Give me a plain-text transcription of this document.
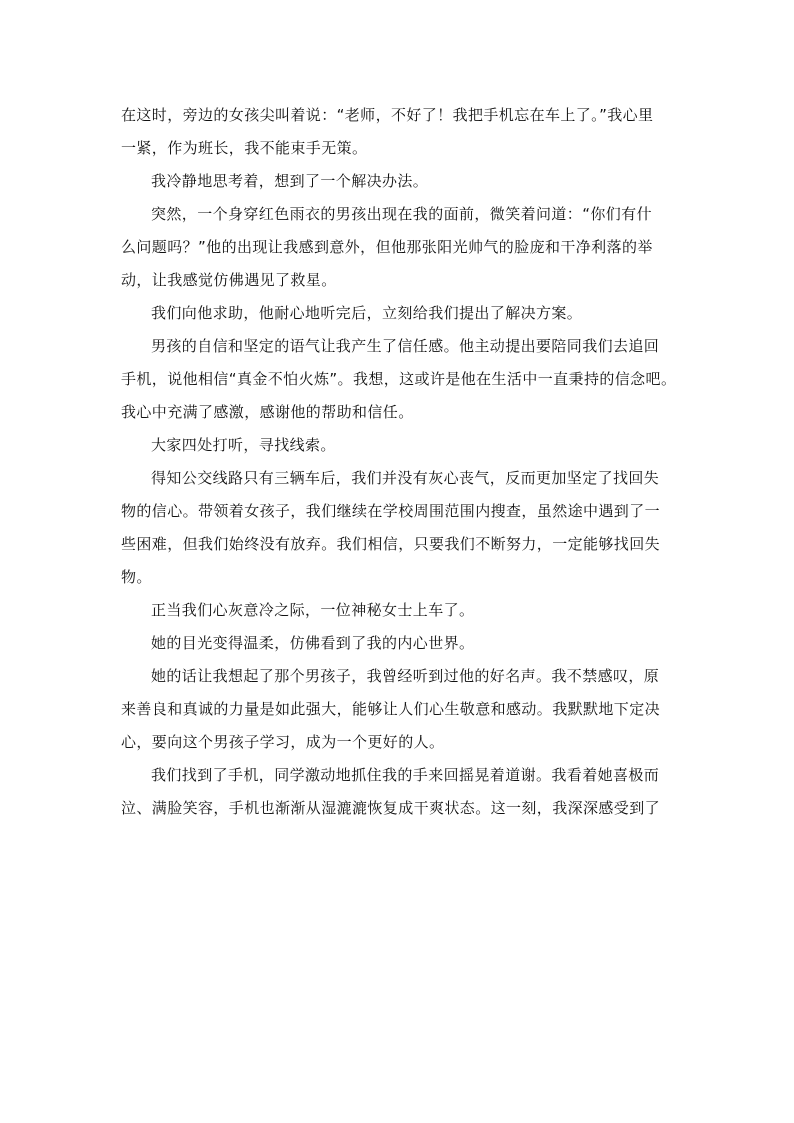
在这时，旁边的女孩尖叫着说：“老师，不好了！我把手机忘在车上了。”我心里
一紧，作为班长，我不能束手无策。
我冷静地思考着，想到了一个解决办法。
突然，一个身穿红色雨衣的男孩出现在我的面前，微笑着问道：“你们有什
么问题吗？”他的出现让我感到意外，但他那张阳光帅气的脸庞和干净利落的举
动，让我感觉仿佛遇见了救星。
我们向他求助，他耐心地听完后，立刻给我们提出了解决方案。
男孩的自信和坚定的语气让我产生了信任感。他主动提出要陪同我们去追回
手机，说他相信“真金不怕火炼”。我想，这或许是他在生活中一直秉持的信念吧。
我心中充满了感激，感谢他的帮助和信任。
大家四处打听，寻找线索。
得知公交线路只有三辆车后，我们并没有灰心丧气，反而更加坚定了找回失
物的信心。带领着女孩子，我们继续在学校周围范围内搜查，虽然途中遇到了一
些困难，但我们始终没有放弃。我们相信，只要我们不断努力，一定能够找回失
物。
正当我们心灰意冷之际，一位神秘女士上车了。
她的目光变得温柔，仿佛看到了我的内心世界。
她的话让我想起了那个男孩子，我曾经听到过他的好名声。我不禁感叹，原
来善良和真诚的力量是如此强大，能够让人们心生敬意和感动。我默默地下定决
心，要向这个男孩子学习，成为一个更好的人。
我们找到了手机，同学激动地抓住我的手来回摇晃着道谢。我看着她喜极而
泣、满脸笑容，手机也渐渐从湿漉漉恢复成干爽状态。这一刻，我深深感受到了
